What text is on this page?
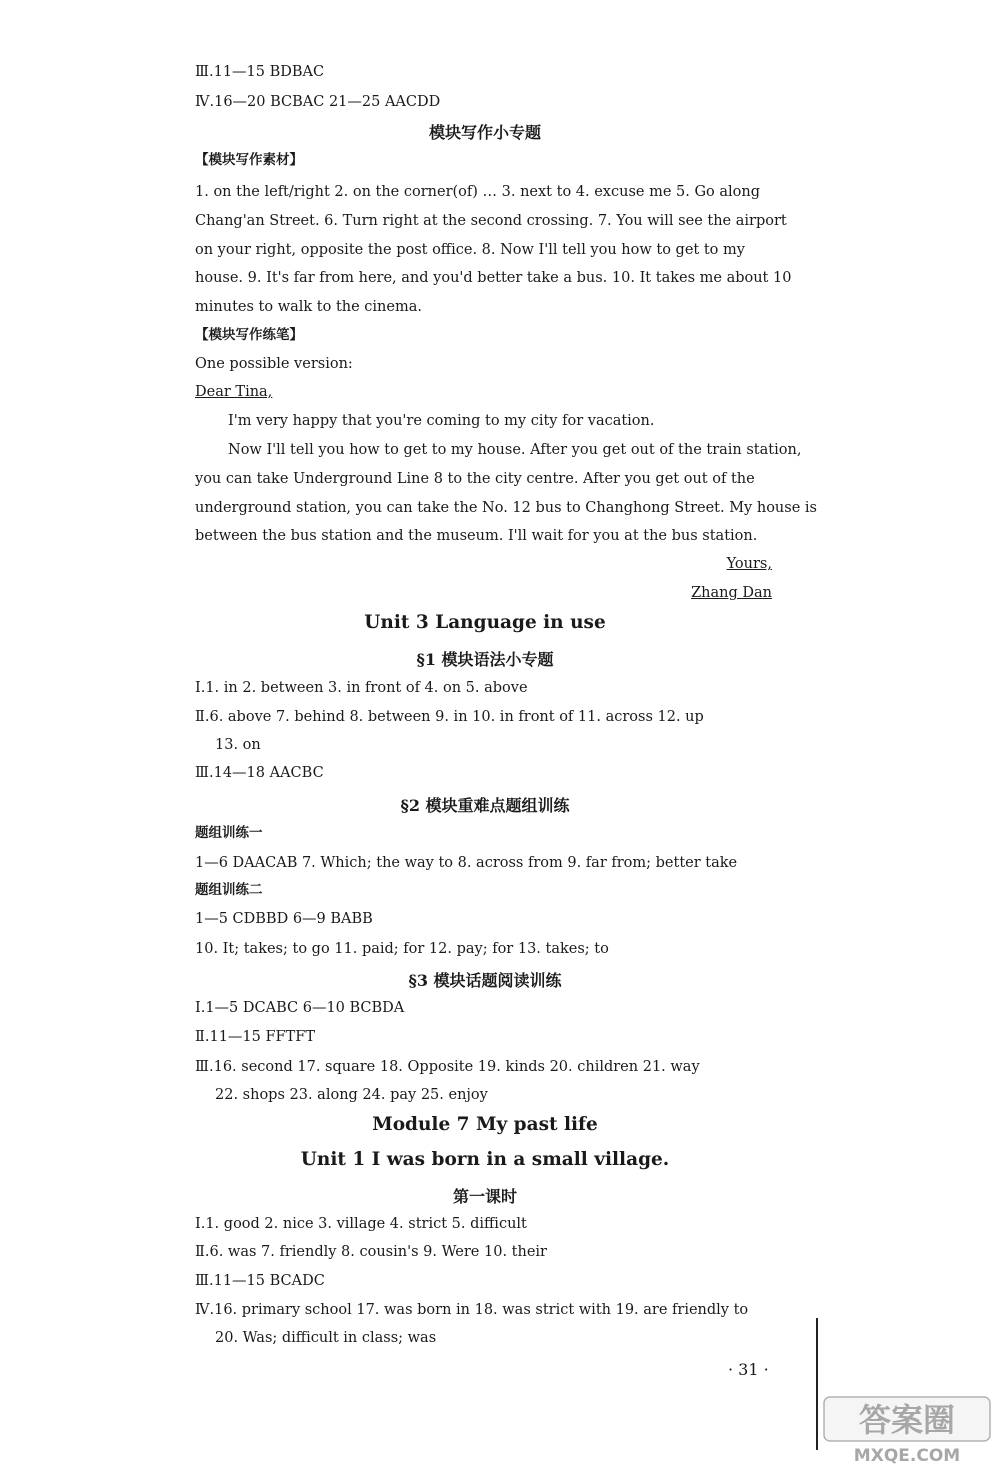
Ⅲ.11—15 BDBAC
Ⅳ.16—20 BCBAC 21—25 AACDD
模块写作小专题
【模块写作素材】
1. on the left/right 2. on the corner(of) … 3. next to 4. excuse me 5. Go along
Chang'an Street. 6. Turn right at the second crossing. 7. You will see the airport
on your right, opposite the post office. 8. Now I'll tell you how to get to my
house. 9. It's far from here, and you'd better take a bus. 10. It takes me about 10
minutes to walk to the cinema.
【模块写作练笔】
One possible version:
Dear Tina,
I'm very happy that you're coming to my city for vacation.
Now I'll tell you how to get to my house. After you get out of the train station,
you can take Underground Line 8 to the city centre. After you get out of the
underground station, you can take the No. 12 bus to Changhong Street. My house is
between the bus station and the museum. I'll wait for you at the bus station.
Yours,
Zhang Dan
Unit 3 Language in use
§1 模块语法小专题
Ⅰ.1. in 2. between 3. in front of 4. on 5. above
Ⅱ.6. above 7. behind 8. between 9. in 10. in front of 11. across 12. up
13. on
Ⅲ.14—18 AACBC
§2 模块重难点题组训练
题组训练一
1—6 DAACAB 7. Which; the way to 8. across from 9. far from; better take
题组训练二
1—5 CDBBD 6—9 BABB
10. It; takes; to go 11. paid; for 12. pay; for 13. takes; to
§3 模块话题阅读训练
Ⅰ.1—5 DCABC 6—10 BCBDA
Ⅱ.11—15 FFTFT
Ⅲ.16. second 17. square 18. Opposite 19. kinds 20. children 21. way
22. shops 23. along 24. pay 25. enjoy
Module 7 My past life
Unit 1 I was born in a small village.
第一课时
Ⅰ.1. good 2. nice 3. village 4. strict 5. difficult
Ⅱ.6. was 7. friendly 8. cousin's 9. Were 10. their
Ⅲ.11—15 BCADC
Ⅳ.16. primary school 17. was born in 18. was strict with 19. are friendly to
20. Was; difficult in class; was
· 31 ·
答案圈
MXQE.COM
